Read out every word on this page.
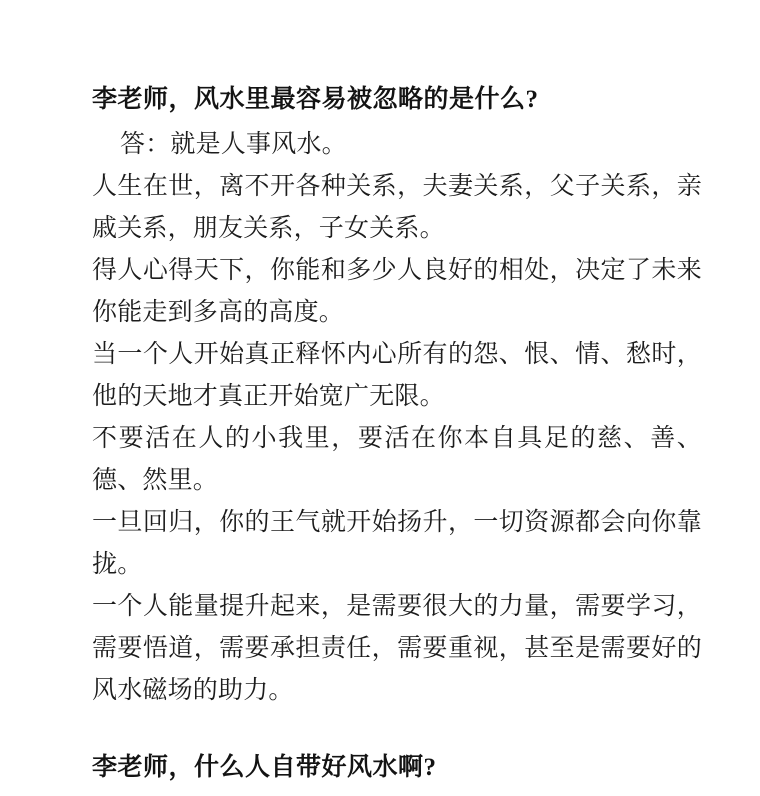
李老师，风水里最容易被忽略的是什么?

答：就是人事风水。

人生在世，离不开各种关系，夫妻关系，父子关系，亲戚关系，朋友关系，子女关系。

得人心得天下，你能和多少人良好的相处，决定了未来你能走到多高的高度。

当一个人开始真正释怀内心所有的怨、恨、情、愁时，他的天地才真正开始宽广无限。

不要活在人的小我里，要活在你本自具足的慈、善、德、然里。

一旦回归，你的王气就开始扬升，一切资源都会向你靠拢。

一个人能量提升起来，是需要很大的力量，需要学习，需要悟道，需要承担责任，需要重视，甚至是需要好的风水磁场的助力。

李老师，什么人自带好风水啊?
